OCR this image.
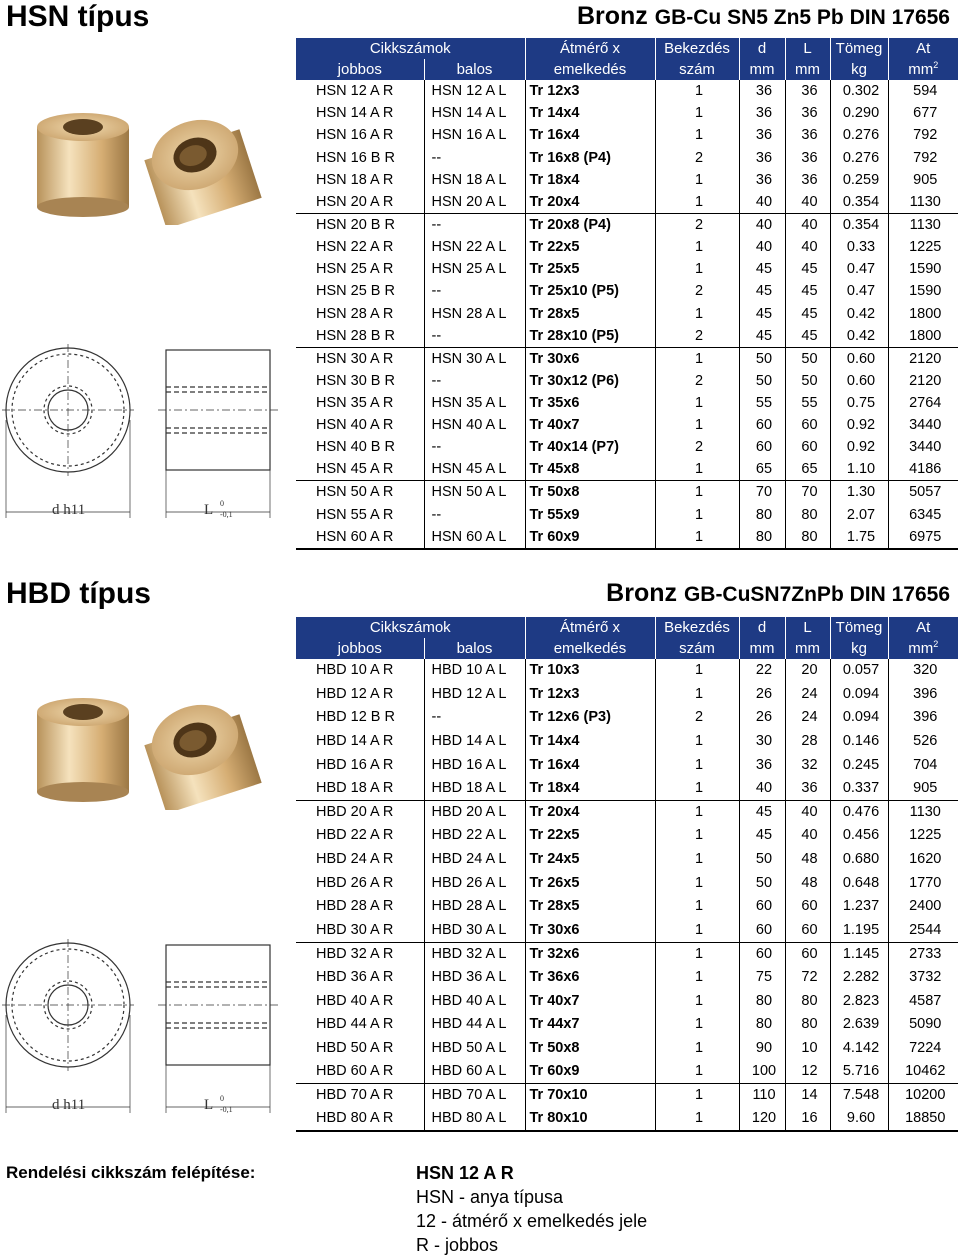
HSN típus	Bronz GB-Cu SN5 Zn5 Pb DIN 17656
d h11	L 0
-0,1
Cikkszámok		Átmérő x	Bekezdés	d	L	Tömeg	At
jobbos	balos	emelkedés	szám	mm	mm	kg	$mm^2$
HSN 12 A R	HSN 12 A L	Tr 12x3	1	36	36	0.302	594
HSN 14 A R	HSN 14 A L	Tr 14x4	1	36	36	0.290	677
HSN 16 A R	HSN 16 A L	Tr 16x4	1	36	36	0.276	792
HSN 16 B R	--	Tr 16x8 (P4)	2	36	36	0.276	792
HSN 18 A R	HSN 18 A L	Tr 18x4	1	36	36	0.259	905
HSN 20 A R	HSN 20 A L	Tr 20x4	1	40	40	0.354	1130
HSN 20 B R	--	Tr 20x8 (P4)	2	40	40	0.354	1130
HSN 22 A R	HSN 22 A L	Tr 22x5	1	40	40	0.33	1225
HSN 25 A R	HSN 25 A L	Tr 25x5	1	45	45	0.47	1590
HSN 25 B R	--	Tr 25x10 (P5)	2	45	45	0.47	1590
HSN 28 A R	HSN 28 A L	Tr 28x5	1	45	45	0.42	1800
HSN 28 B R	--	Tr 28x10 (P5)	2	45	45	0.42	1800
HSN 30 A R	HSN 30 A L	Tr 30x6	1	50	50	0.60	2120
HSN 30 B R	--	Tr 30x12 (P6)	2	50	50	0.60	2120
HSN 35 A R	HSN 35 A L	Tr 35x6	1	55	55	0.75	2764
HSN 40 A R	HSN 40 A L	Tr 40x7	1	60	60	0.92	3440
HSN 40 B R	--	Tr 40x14 (P7)	2	60	60	0.92	3440
HSN 45 A R	HSN 45 A L	Tr 45x8	1	65	65	1.10	4186
HSN 50 A R	HSN 50 A L	Tr 50x8	1	70	70	1.30	5057
HSN 55 A R	--	Tr 55x9	1	80	80	2.07	6345
HSN 60 A R	HSN 60 A L	Tr 60x9	1	80	80	1.75	6975
HBD típus	Bronz GB-CuSN7ZnPb DIN 17656
d h11	L 0
-0,1
Cikkszámok		Átmérő x	Bekezdés	d	L	Tömeg	At
jobbos	balos	emelkedés	szám	mm	mm	kg	$mm^2$
HBD 10 A R	HBD 10 A L	Tr 10x3	1	22	20	0.057	320
HBD 12 A R	HBD 12 A L	Tr 12x3	1	26	24	0.094	396
HBD 12 B R	--	Tr 12x6 (P3)	2	26	24	0.094	396
HBD 14 A R	HBD 14 A L	Tr 14x4	1	30	28	0.146	526
HBD 16 A R	HBD 16 A L	Tr 16x4	1	36	32	0.245	704
HBD 18 A R	HBD 18 A L	Tr 18x4	1	40	36	0.337	905
HBD 20 A R	HBD 20 A L	Tr 20x4	1	45	40	0.476	1130
HBD 22 A R	HBD 22 A L	Tr 22x5	1	45	40	0.456	1225
HBD 24 A R	HBD 24 A L	Tr 24x5	1	50	48	0.680	1620
HBD 26 A R	HBD 26 A L	Tr 26x5	1	50	48	0.648	1770
HBD 28 A R	HBD 28 A L	Tr 28x5	1	60	60	1.237	2400
HBD 30 A R	HBD 30 A L	Tr 30x6	1	60	60	1.195	2544
HBD 32 A R	HBD 32 A L	Tr 32x6	1	60	60	1.145	2733
HBD 36 A R	HBD 36 A L	Tr 36x6	1	75	72	2.282	3732
HBD 40 A R	HBD 40 A L	Tr 40x7	1	80	80	2.823	4587
HBD 44 A R	HBD 44 A L	Tr 44x7	1	80	80	2.639	5090
HBD 50 A R	HBD 50 A L	Tr 50x8	1	90	10	4.142	7224
HBD 60 A R	HBD 60 A L	Tr 60x9	1	100	12	5.716	10462
HBD 70 A R	HBD 70 A L	Tr 70x10	1	110	14	7.548	10200
HBD 80 A R	HBD 80 A L	Tr 80x10	1	120	16	9.60	18850
Rendelési cikkszám felépítése:	HSN 12 A R
HSN - anya típusa
12 - átmérő x emelkedés jele
R - jobbos
